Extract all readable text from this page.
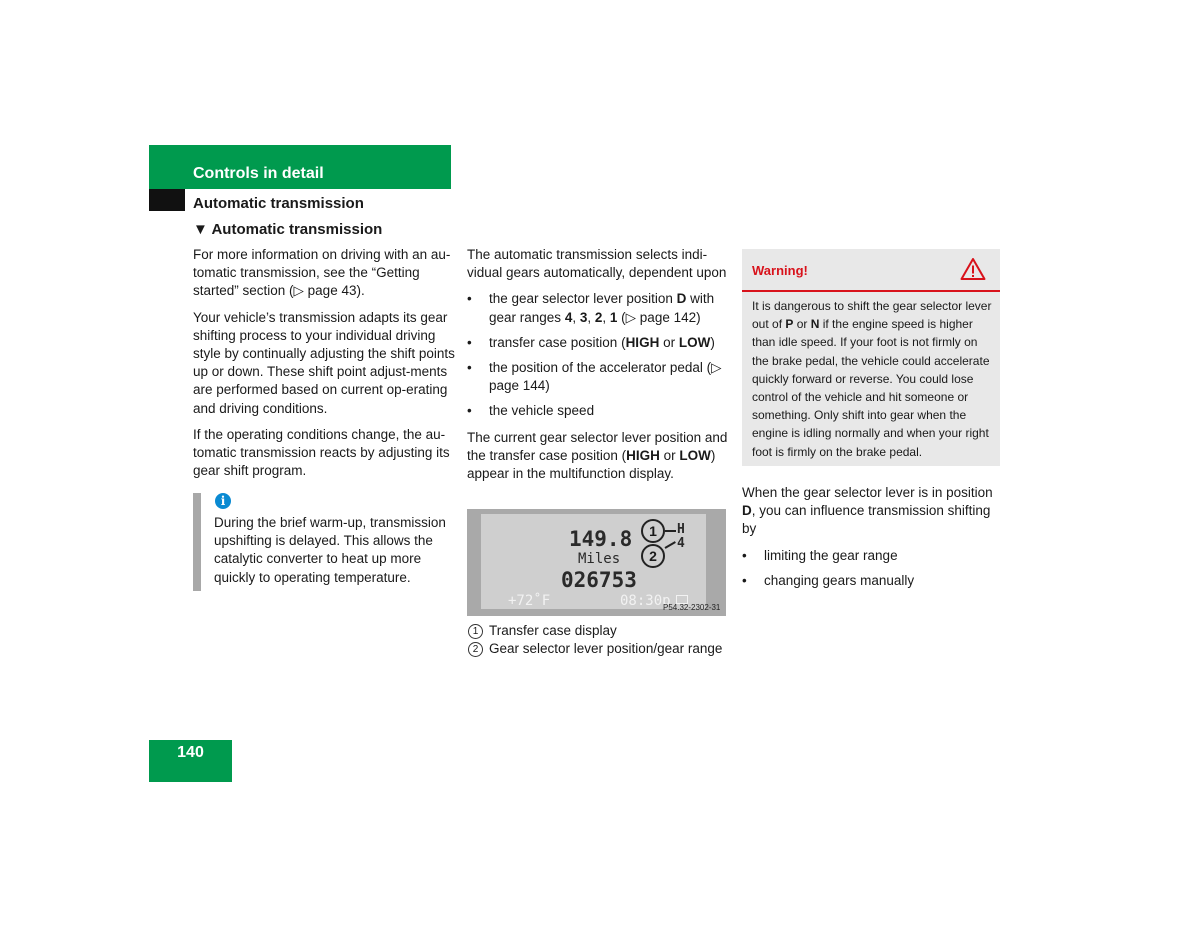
Controls in detail
Automatic transmission
▼ Automatic transmission

For more information on driving with an au-tomatic transmission, see the “Getting started” section (▷ page 43).

Your vehicle’s transmission adapts its gear shifting process to your individual driving style by continually adjusting the shift points up or down. These shift point adjust-ments are performed based on current op-erating and driving conditions.

If the operating conditions change, the au-tomatic transmission reacts by adjusting its gear shift program.

i
During the brief warm-up, transmission upshifting is delayed. This allows the catalytic converter to heat up more quickly to operating temperature.

The automatic transmission selects indi-vidual gears automatically, dependent upon

• the gear selector lever position D with gear ranges 4, 3, 2, 1 (▷ page 142)
• transfer case position (HIGH or LOW)
• the position of the accelerator pedal (▷ page 144)
• the vehicle speed

The current gear selector lever position and the transfer case position (HIGH or LOW) appear in the multifunction display.

149.8
Miles
026753
+72˚F	08:30p
H
4
1
2
P54.32-2302-31
1 Transfer case display
2 Gear selector lever position/gear range
Warning!
It is dangerous to shift the gear selector lever out of P or N if the engine speed is higher than idle speed. If your foot is not firmly on the brake pedal, the vehicle could accelerate quickly forward or reverse. You could lose control of the vehicle and hit someone or something. Only shift into gear when the engine is idling normally and when your right foot is firmly on the brake pedal.

When the gear selector lever is in position D, you can influence transmission shifting by

• limiting the gear range
• changing gears manually
140
